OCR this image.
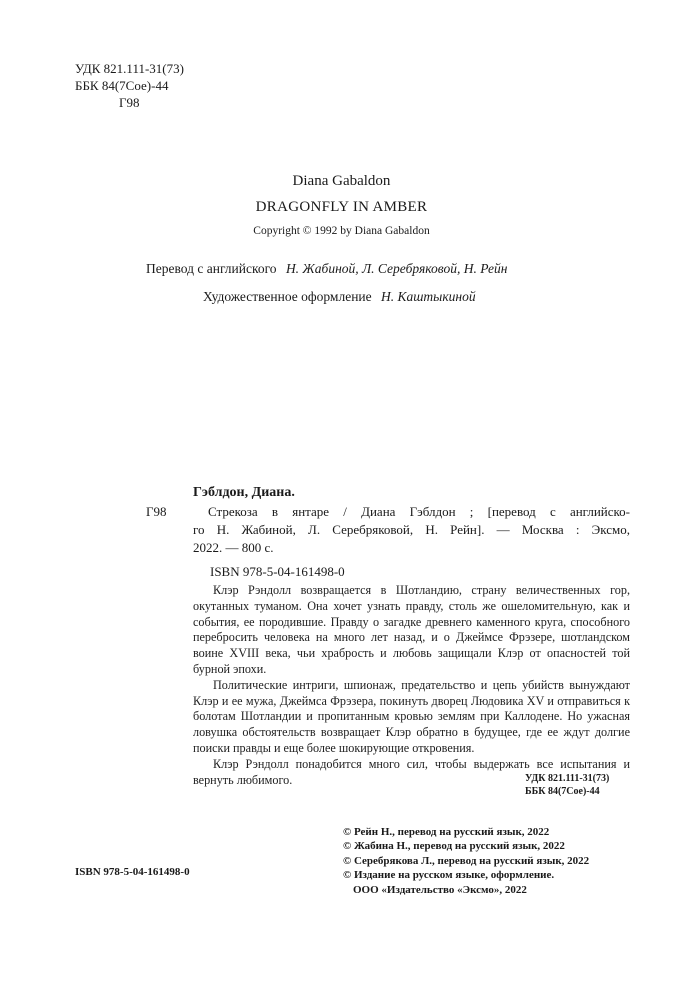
УДК 821.111-31(73)
ББК 84(7Сое)-44
Г98
Diana Gabaldon
DRAGONFLY IN AMBER
Copyright © 1992 by Diana Gabaldon
Перевод с английского Н. Жабиной, Л. Серебряковой, Н. Рейн
Художественное оформление Н. Каштыкиной
Гэблдон, Диана.
Г98	Стрекоза в янтаре / Диана Гэблдон ; [перевод с английско-
го Н. Жабиной, Л. Серебряковой, Н. Рейн]. — Москва : Эксмо,
2022. — 800 с.
ISBN 978-5-04-161498-0

Клэр Рэндолл возвращается в Шотландию, страну величественных гор, окутанных туманом. Она хочет узнать правду, столь же ошеломительную, как и события, ее породившие. Правду о загадке древнего каменного круга, способного перебросить человека на много лет назад, и о Джеймсе Фрэзере, шотландском воине XVIII века, чьи храбрость и любовь защищали Клэр от опасностей той бурной эпохи.

Политические интриги, шпионаж, предательство и цепь убийств вынуждают Клэр и ее мужа, Джеймса Фрэзера, покинуть дворец Людовика XV и отправиться к болотам Шотландии и пропитанным кровью землям при Каллодене. Но ужасная ловушка обстоятельств возвращает Клэр обратно в будущее, где ее ждут долгие поиски правды и еще более шокирующие откровения.

Клэр Рэндолл понадобится много сил, чтобы выдержать все испытания и вернуть любимого.	УДК 821.111-31(73)
ББК 84(7Сое)-44
© Рейн Н., перевод на русский язык, 2022
© Жабина Н., перевод на русский язык, 2022
© Серебрякова Л., перевод на русский язык, 2022
© Издание на русском языке, оформление.
ООО «Издательство «Эксмо», 2022
ISBN 978-5-04-161498-0
